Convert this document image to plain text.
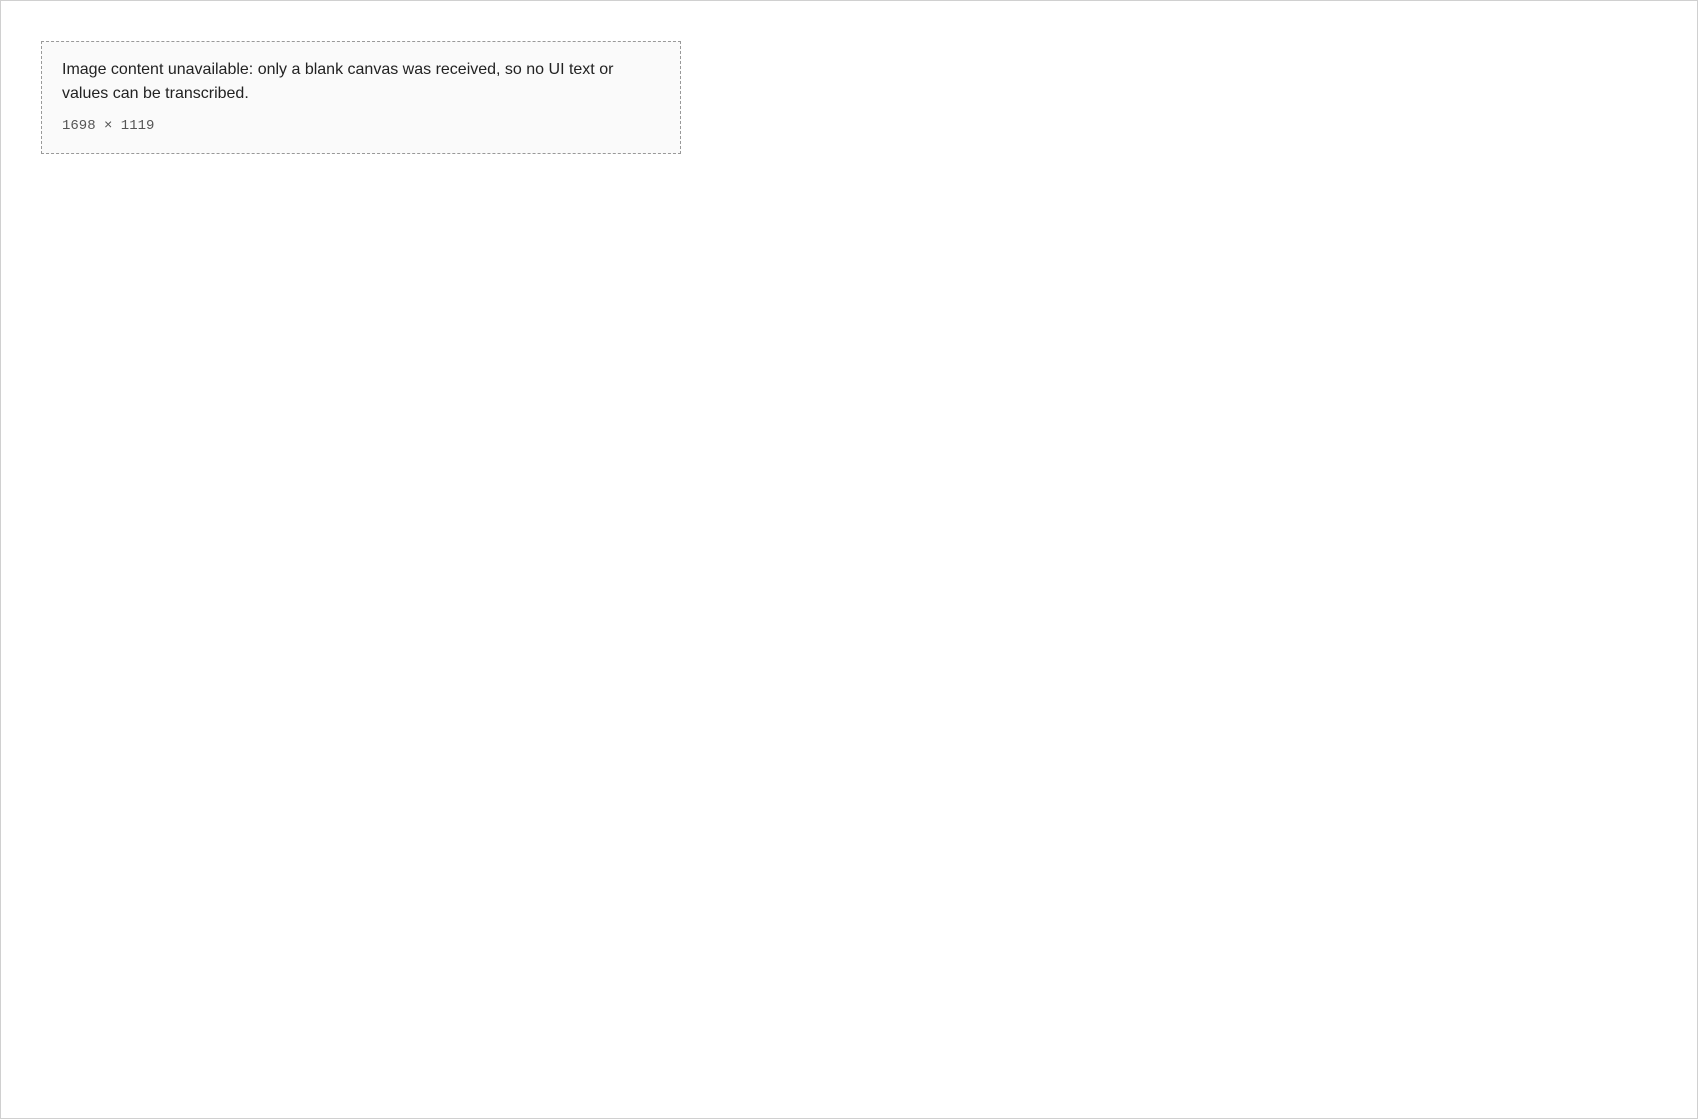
Image content unavailable: only a blank canvas was received, so no UI text or values can be transcribed.

1698 × 1119
